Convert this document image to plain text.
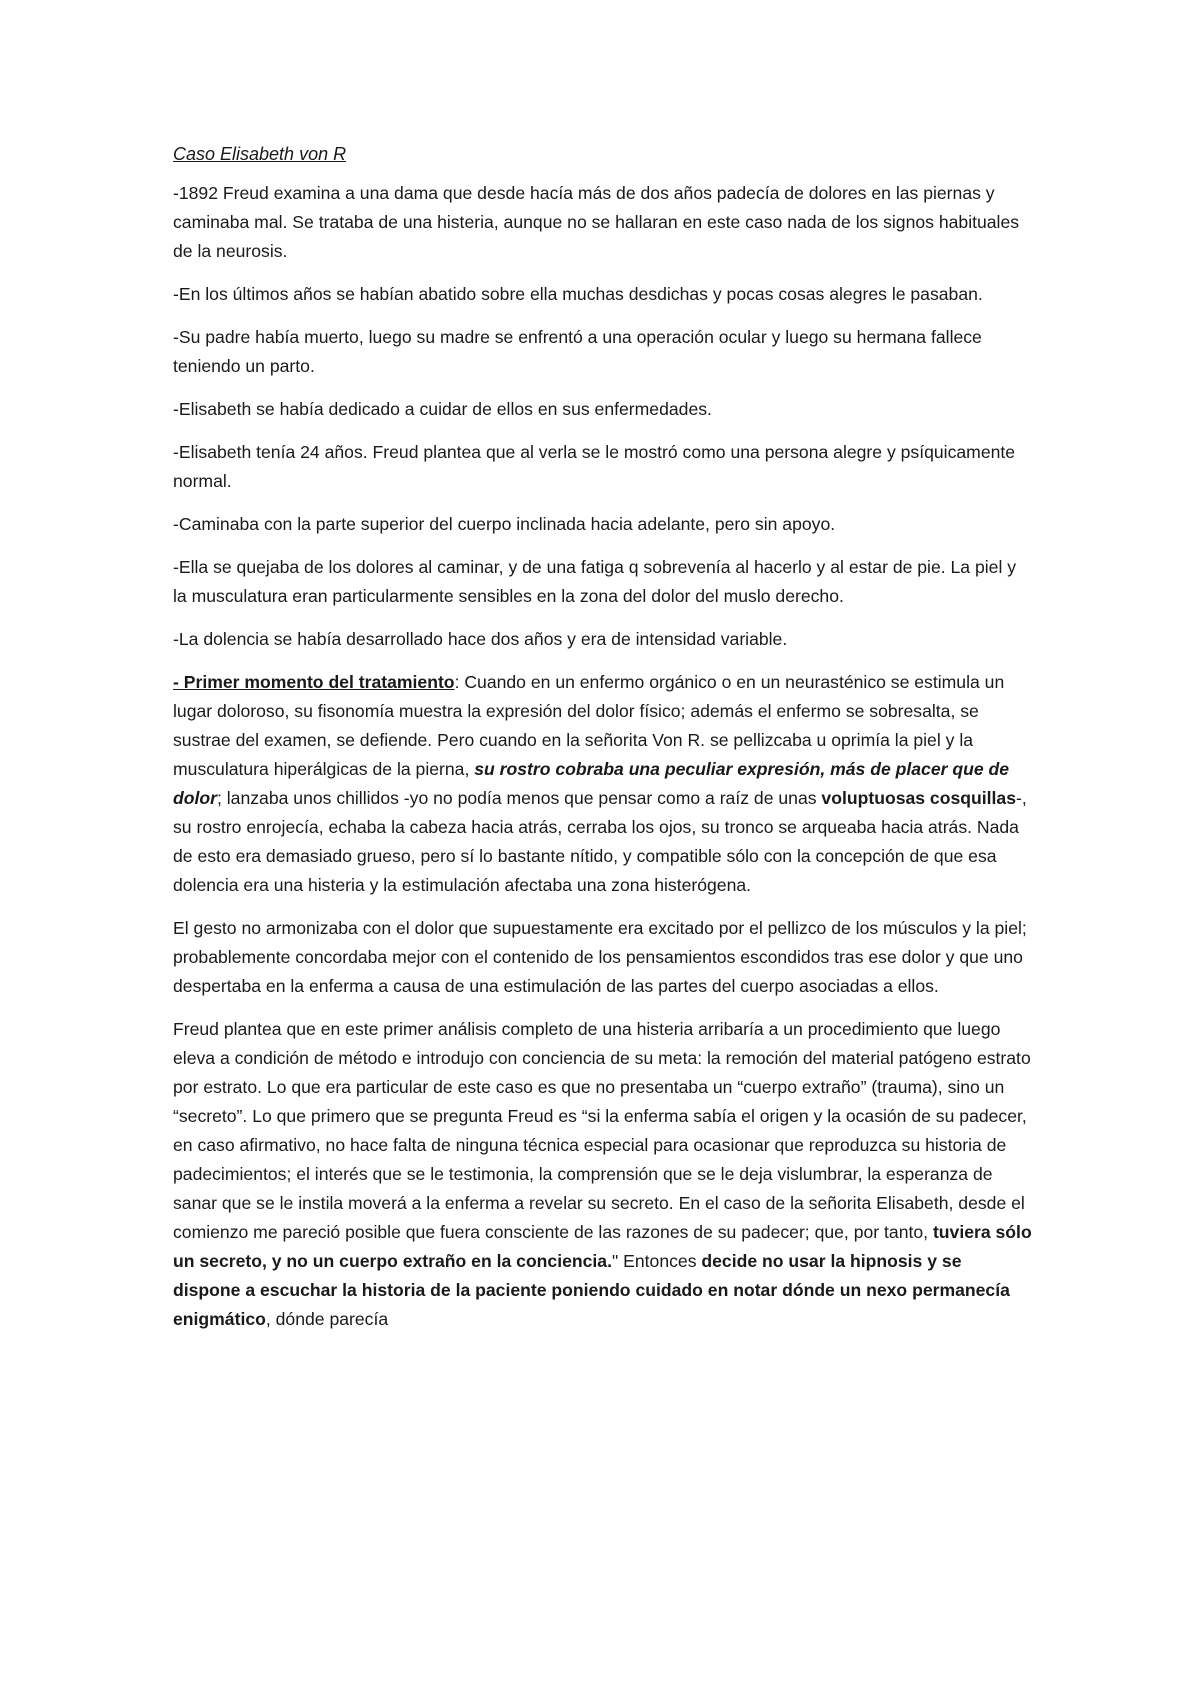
Caso Elisabeth von R

-1892 Freud examina a una dama que desde hacía más de dos años padecía de dolores en las piernas y caminaba mal. Se trataba de una histeria, aunque no se hallaran en este caso nada de los signos habituales de la neurosis.

-En los últimos años se habían abatido sobre ella muchas desdichas y pocas cosas alegres le pasaban.

-Su padre había muerto, luego su madre se enfrentó a una operación ocular y luego su hermana fallece teniendo un parto.

-Elisabeth se había dedicado a cuidar de ellos en sus enfermedades.

-Elisabeth tenía 24 años. Freud plantea que al verla se le mostró como una persona alegre y psíquicamente normal.

-Caminaba con la parte superior del cuerpo inclinada hacia adelante, pero sin apoyo.

-Ella se quejaba de los dolores al caminar, y de una fatiga q sobrevenía al hacerlo y al estar de pie. La piel y la musculatura eran particularmente sensibles en la zona del dolor del muslo derecho.

-La dolencia se había desarrollado hace dos años y era de intensidad variable.

- Primer momento del tratamiento: Cuando en un enfermo orgánico o en un neurasténico se estimula un lugar doloroso, su fisonomía muestra la expresión del dolor físico; además el enfermo se sobresalta, se sustrae del examen, se defiende. Pero cuando en la señorita Von R. se pellizcaba u oprimía la piel y la musculatura hiperálgicas de la pierna, su rostro cobraba una peculiar expresión, más de placer que de dolor; lanzaba unos chillidos -yo no podía menos que pensar como a raíz de unas voluptuosas cosquillas-, su rostro enrojecía, echaba la cabeza hacia atrás, cerraba los ojos, su tronco se arqueaba hacia atrás. Nada de esto era demasiado grueso, pero sí lo bastante nítido, y compatible sólo con la concepción de que esa dolencia era una histeria y la estimulación afectaba una zona histerógena.

El gesto no armonizaba con el dolor que supuestamente era excitado por el pellizco de los músculos y la piel; probablemente concordaba mejor con el contenido de los pensamientos escondidos tras ese dolor y que uno despertaba en la enferma a causa de una estimulación de las partes del cuerpo asociadas a ellos.

Freud plantea que en este primer análisis completo de una histeria arribaría a un procedimiento que luego eleva a condición de método e introdujo con conciencia de su meta: la remoción del material patógeno estrato por estrato. Lo que era particular de este caso es que no presentaba un “cuerpo extraño” (trauma), sino un “secreto”. Lo que primero que se pregunta Freud es “si la enferma sabía el origen y la ocasión de su padecer, en caso afirmativo, no hace falta de ninguna técnica especial para ocasionar que reproduzca su historia de padecimientos; el interés que se le testimonia, la comprensión que se le deja vislumbrar, la esperanza de sanar que se le instila moverá a la enferma a revelar su secreto. En el caso de la señorita Elisabeth, desde el comienzo me pareció posible que fuera consciente de las razones de su padecer; que, por tanto, tuviera sólo un secreto, y no un cuerpo extraño en la conciencia." Entonces decide no usar la hipnosis y se dispone a escuchar la historia de la paciente poniendo cuidado en notar dónde un nexo permanecía enigmático, dónde parecía
